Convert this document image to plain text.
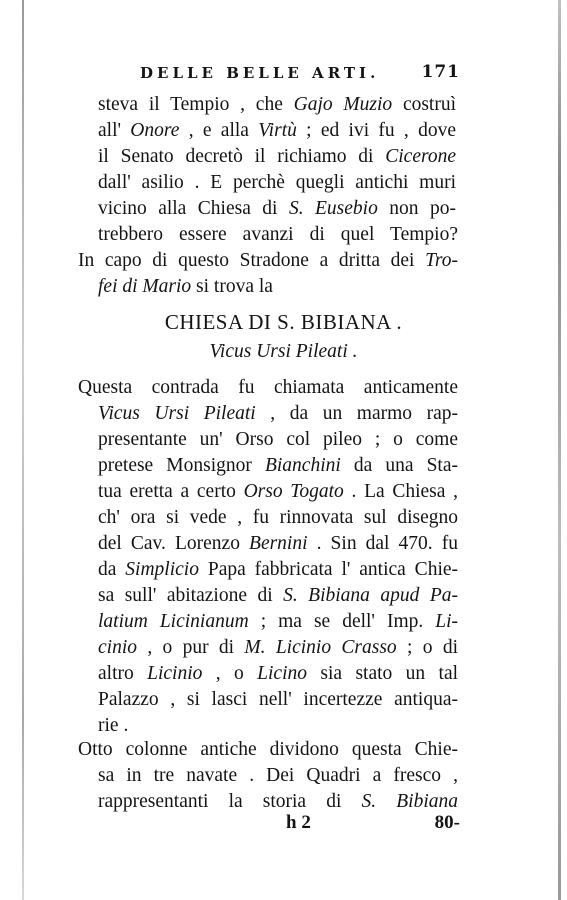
DELLE BELLE ARTI. 171
CHIESA DI S. BIBIANA .
Vicus Ursi Pileati .
h 2	80-
steva il Tempio , che Gajo Muzio costruì
all' Onore , e alla Virtù ; ed ivi fu , dove
il Senato decretò il richiamo di Cicerone
dall' asilio . E perchè quegli antichi muri
vicino alla Chiesa di S. Eusebio non po-
trebbero essere avanzi di quel Tempio?
In capo di questo Stradone a dritta dei Tro-
fei di Mario si trova la
Questa contrada fu chiamata anticamente
Vicus Ursi Pileati , da un marmo rap-
presentante un' Orso col pileo ; o come
pretese Monsignor Bianchini da una Sta-
tua eretta a certo Orso Togato . La Chiesa ,
ch' ora si vede , fu rinnovata sul disegno
del Cav. Lorenzo Bernini . Sin dal 470. fu
da Simplicio Papa fabbricata l' antica Chie-
sa sull' abitazione di S. Bibiana apud Pa-
latium Licinianum ; ma se dell' Imp. Li-
cinio , o pur di M. Licinio Crasso ; o di
altro Licinio , o Licino sia stato un tal
Palazzo , si lasci nell' incertezze antiquа-
rie .
Otto colonne antiche dividono questa Chie-
sa in tre navate . Dei Quadri a fresco ,
rappresentanti la storia di S. Bibiana
